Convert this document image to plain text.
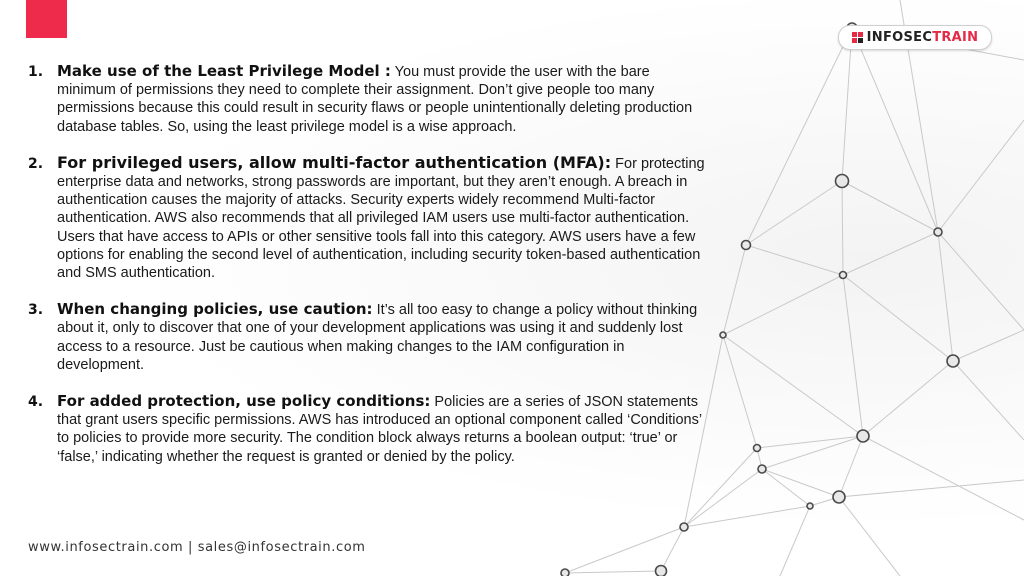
INFOSECTRAIN
1. Make use of the Least Privilege Model : You must provide the user with the bare minimum of permissions they need to complete their assignment. Don’t give people too many permissions because this could result in security flaws or people unintentionally deleting production database tables. So, using the least privilege model is a wise approach.
2. For privileged users, allow multi-factor authentication (MFA): For protecting enterprise data and networks, strong passwords are important, but they aren’t enough. A breach in authentication causes the majority of attacks. Security experts widely recommend Multi-factor authentication. AWS also recommends that all privileged IAM users use multi-factor authentication. Users that have access to APIs or other sensitive tools fall into this category. AWS users have a few options for enabling the second level of authentication, including security token-based authentication and SMS authentication.
3. When changing policies, use caution: It’s all too easy to change a policy without thinking about it, only to discover that one of your development applications was using it and suddenly lost access to a resource. Just be cautious when making changes to the IAM configuration in development.
4. For added protection, use policy conditions: Policies are a series of JSON statements that grant users specific permissions. AWS has introduced an optional component called ‘Conditions’ to policies to provide more security. The condition block always returns a boolean output: ‘true’ or ‘false,’ indicating whether the request is granted or denied by the policy.
www.infosectrain.com | sales@infosectrain.com
